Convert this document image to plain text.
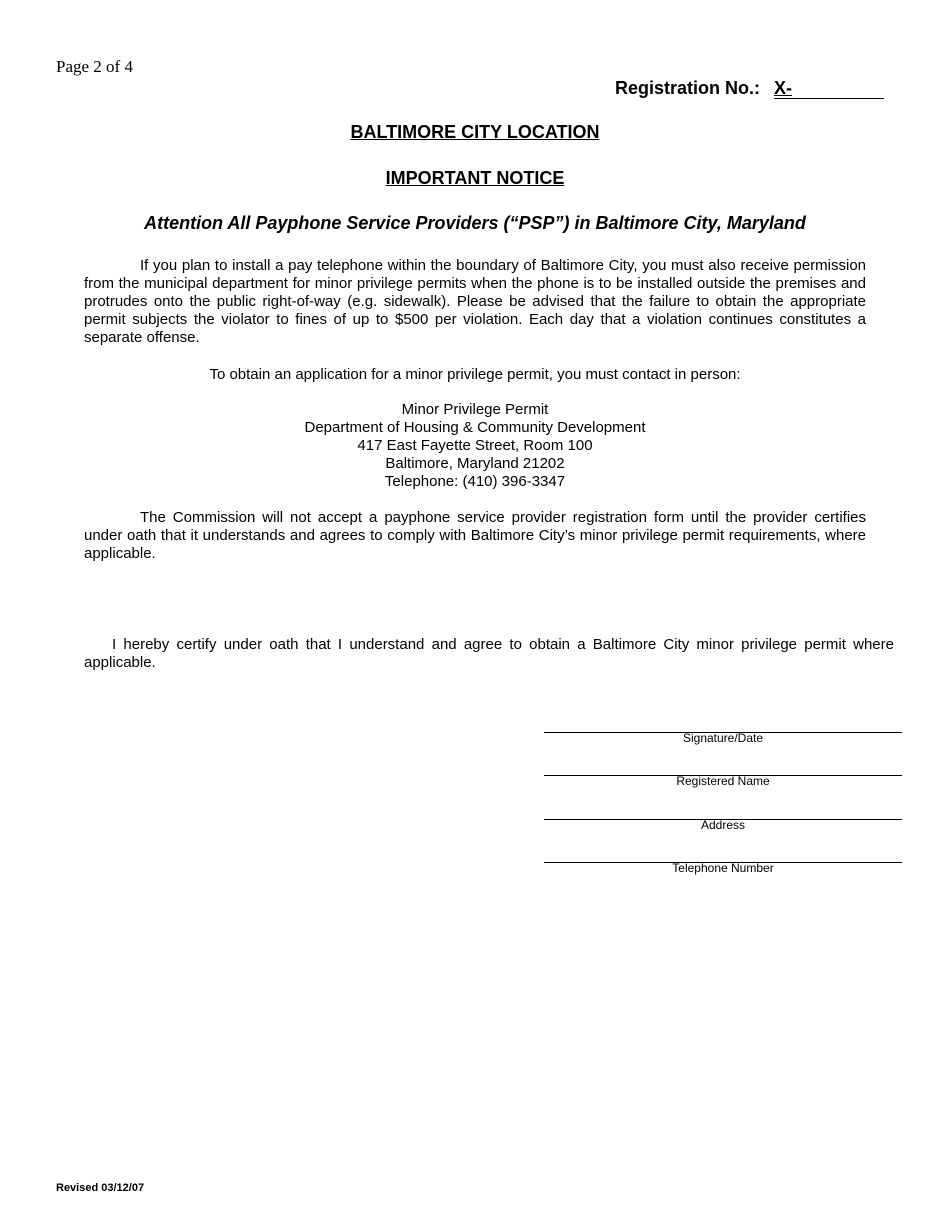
Page 2 of 4
Registration No.: X-
BALTIMORE CITY LOCATION
IMPORTANT NOTICE
Attention All Payphone Service Providers (“PSP”) in Baltimore City, Maryland
If you plan to install a pay telephone within the boundary of Baltimore City, you must also receive permission from the municipal department for minor privilege permits when the phone is to be installed outside the premises and protrudes onto the public right-of-way (e.g. sidewalk). Please be advised that the failure to obtain the appropriate permit subjects the violator to fines of up to $500 per violation. Each day that a violation continues constitutes a separate offense.
To obtain an application for a minor privilege permit, you must contact in person:
Minor Privilege Permit
Department of Housing & Community Development
417 East Fayette Street, Room 100
Baltimore, Maryland 21202
Telephone: (410) 396-3347
The Commission will not accept a payphone service provider registration form until the provider certifies under oath that it understands and agrees to comply with Baltimore City’s minor privilege permit requirements, where applicable.
I hereby certify under oath that I understand and agree to obtain a Baltimore City minor privilege permit where applicable.
Signature/Date
Registered Name
Address
Telephone Number
Revised 03/12/07
